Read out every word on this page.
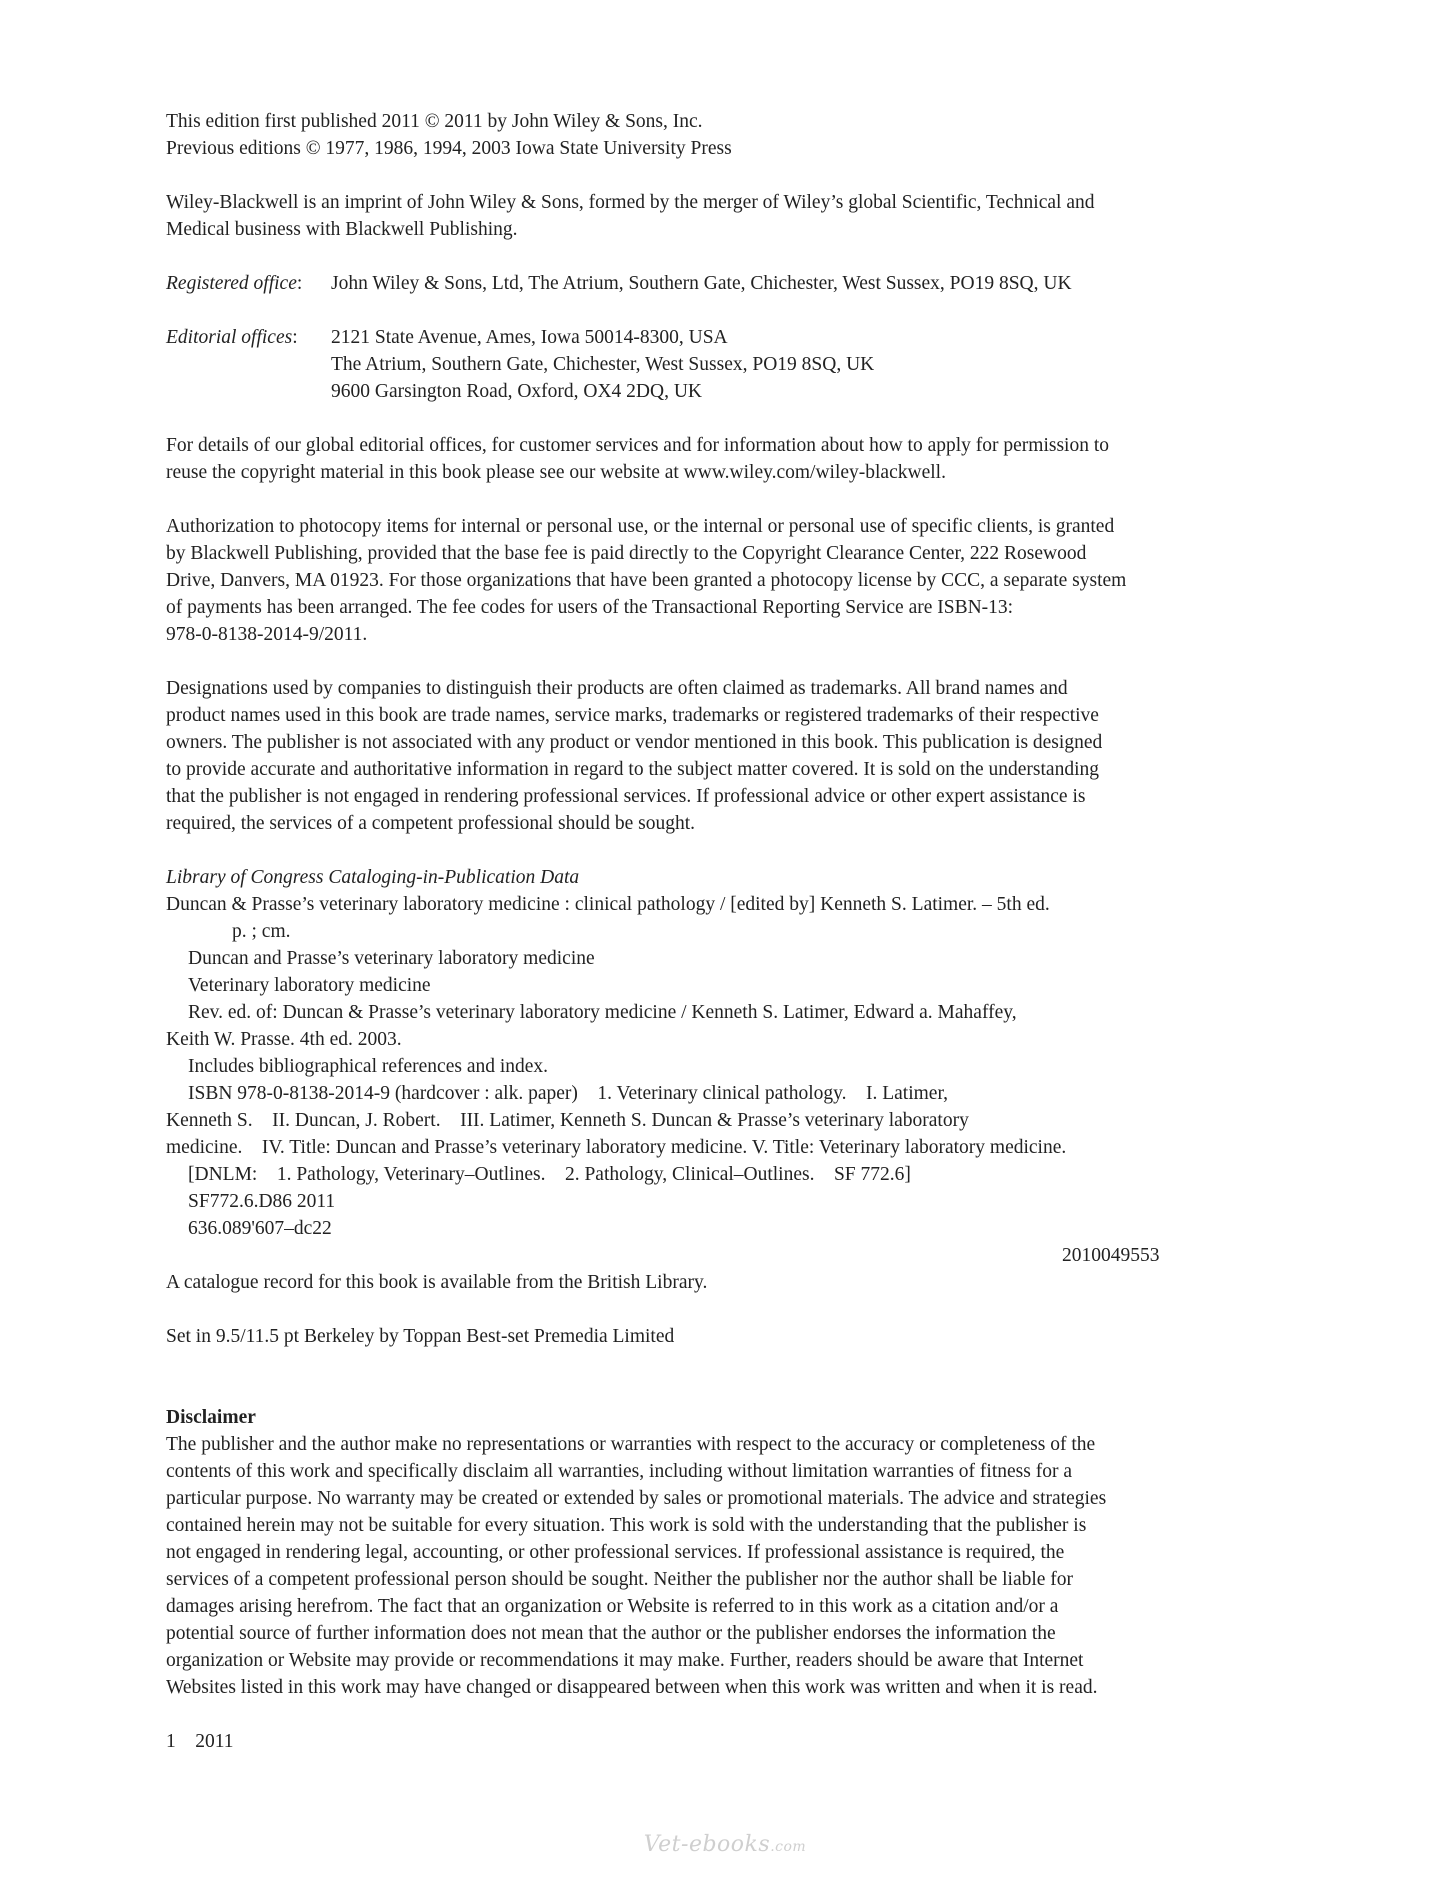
This edition first published 2011 © 2011 by John Wiley & Sons, Inc.

Previous editions © 1977, 1986, 1994, 2003 Iowa State University Press

Wiley-Blackwell is an imprint of John Wiley & Sons, formed by the merger of Wiley’s global Scientific, Technical and

Medical business with Blackwell Publishing.

Registered office:	John Wiley & Sons, Ltd, The Atrium, Southern Gate, Chichester, West Sussex, PO19 8SQ, UK
Editorial offices:	2121 State Avenue, Ames, Iowa 50014-8300, USA

The Atrium, Southern Gate, Chichester, West Sussex, PO19 8SQ, UK

9600 Garsington Road, Oxford, OX4 2DQ, UK

For details of our global editorial offices, for customer services and for information about how to apply for permission to

reuse the copyright material in this book please see our website at www.wiley.com/wiley-blackwell.

Authorization to photocopy items for internal or personal use, or the internal or personal use of specific clients, is granted

by Blackwell Publishing, provided that the base fee is paid directly to the Copyright Clearance Center, 222 Rosewood

Drive, Danvers, MA 01923. For those organizations that have been granted a photocopy license by CCC, a separate system

of payments has been arranged. The fee codes for users of the Transactional Reporting Service are ISBN-13:

978-0-8138-2014-9/2011.

Designations used by companies to distinguish their products are often claimed as trademarks. All brand names and

product names used in this book are trade names, service marks, trademarks or registered trademarks of their respective

owners. The publisher is not associated with any product or vendor mentioned in this book. This publication is designed

to provide accurate and authoritative information in regard to the subject matter covered. It is sold on the understanding

that the publisher is not engaged in rendering professional services. If professional advice or other expert assistance is

required, the services of a competent professional should be sought.

Library of Congress Cataloging-in-Publication Data

Duncan & Prasse’s veterinary laboratory medicine : clinical pathology / [edited by] Kenneth S. Latimer. – 5th ed.

p. ; cm.

Duncan and Prasse’s veterinary laboratory medicine

Veterinary laboratory medicine

Rev. ed. of: Duncan & Prasse’s veterinary laboratory medicine / Kenneth S. Latimer, Edward a. Mahaffey,

Keith W. Prasse. 4th ed. 2003.

Includes bibliographical references and index.

ISBN 978-0-8138-2014-9 (hardcover : alk. paper)    1. Veterinary clinical pathology.    I. Latimer,

Kenneth S.    II. Duncan, J. Robert.    III. Latimer, Kenneth S. Duncan & Prasse’s veterinary laboratory

medicine.    IV. Title: Duncan and Prasse’s veterinary laboratory medicine. V. Title: Veterinary laboratory medicine.

[DNLM:    1. Pathology, Veterinary–Outlines.    2. Pathology, Clinical–Outlines.    SF 772.6]

SF772.6.D86 2011

636.089'607–dc22

2010049553

A catalogue record for this book is available from the British Library.

Set in 9.5/11.5 pt Berkeley by Toppan Best-set Premedia Limited

Disclaimer

The publisher and the author make no representations or warranties with respect to the accuracy or completeness of the

contents of this work and specifically disclaim all warranties, including without limitation warranties of fitness for a

particular purpose. No warranty may be created or extended by sales or promotional materials. The advice and strategies

contained herein may not be suitable for every situation. This work is sold with the understanding that the publisher is

not engaged in rendering legal, accounting, or other professional services. If professional assistance is required, the

services of a competent professional person should be sought. Neither the publisher nor the author shall be liable for

damages arising herefrom. The fact that an organization or Website is referred to in this work as a citation and/or a

potential source of further information does not mean that the author or the publisher endorses the information the

organization or Website may provide or recommendations it may make. Further, readers should be aware that Internet

Websites listed in this work may have changed or disappeared between when this work was written and when it is read.

1    2011

Vet-ebooks.com
